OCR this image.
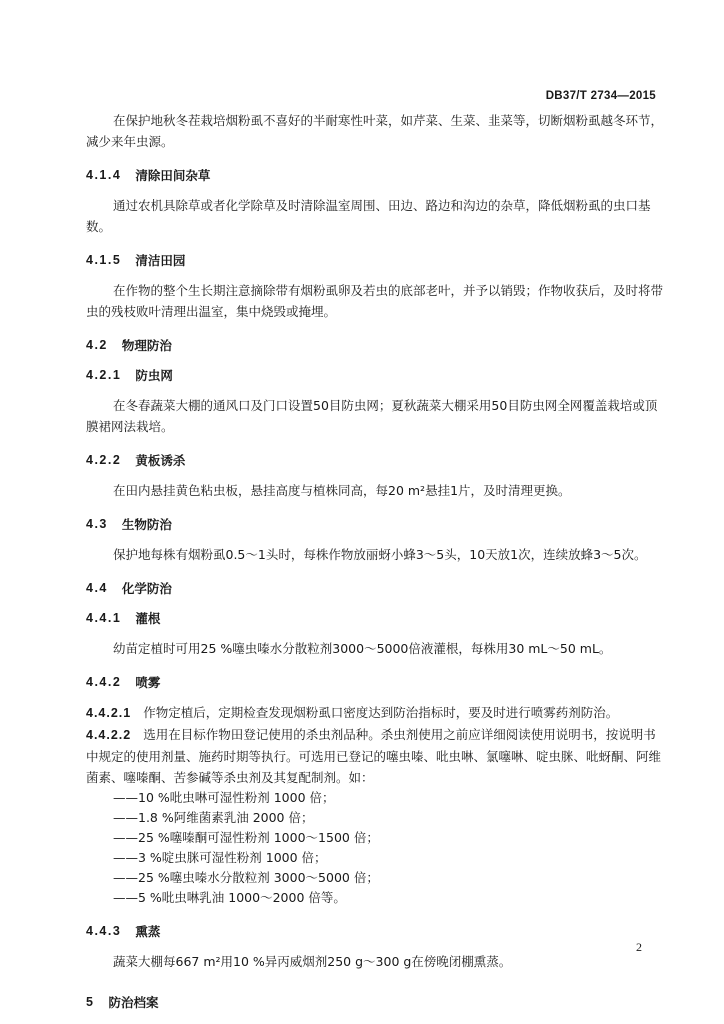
DB37/T 2734—2015

在保护地秋冬茬栽培烟粉虱不喜好的半耐寒性叶菜，如芹菜、生菜、韭菜等，切断烟粉虱越冬环节，减少来年虫源。

4.1.4 清除田间杂草

通过农机具除草或者化学除草及时清除温室周围、田边、路边和沟边的杂草，降低烟粉虱的虫口基数。

4.1.5 清洁田园

在作物的整个生长期注意摘除带有烟粉虱卵及若虫的底部老叶，并予以销毁；作物收获后，及时将带虫的残枝败叶清理出温室，集中烧毁或掩埋。

4.2 物理防治
4.2.1 防虫网

在冬春蔬菜大棚的通风口及门口设置50目防虫网；夏秋蔬菜大棚采用50目防虫网全网覆盖栽培或顶膜裙网法栽培。

4.2.2 黄板诱杀

在田内悬挂黄色粘虫板，悬挂高度与植株同高，每20 m²悬挂1片，及时清理更换。

4.3 生物防治

保护地每株有烟粉虱0.5～1头时，每株作物放丽蚜小蜂3～5头，10天放1次，连续放蜂3～5次。

4.4 化学防治
4.4.1 灌根

幼苗定植时可用25 %噻虫嗪水分散粒剂3000～5000倍液灌根，每株用30 mL～50 mL。

4.4.2 喷雾

4.4.2.1 作物定植后，定期检查发现烟粉虱口密度达到防治指标时，要及时进行喷雾药剂防治。

4.4.2.2 选用在目标作物田登记使用的杀虫剂品种。杀虫剂使用之前应详细阅读使用说明书，按说明书中规定的使用剂量、施药时期等执行。可选用已登记的噻虫嗪、吡虫啉、氯噻啉、啶虫脒、吡蚜酮、阿维菌素、噻嗪酮、苦参碱等杀虫剂及其复配制剂。如：

——10 %吡虫啉可湿性粉剂 1000 倍；

——1.8 %阿维菌素乳油 2000 倍；

——25 %噻嗪酮可湿性粉剂 1000～1500 倍；

——3 %啶虫脒可湿性粉剂 1000 倍；

——25 %噻虫嗪水分散粒剂 3000～5000 倍；

——5 %吡虫啉乳油 1000～2000 倍等。

4.4.3 熏蒸

蔬菜大棚每667 m²用10 %异丙威烟剂250 g～300 g在傍晚闭棚熏蒸。

5 防治档案
2
